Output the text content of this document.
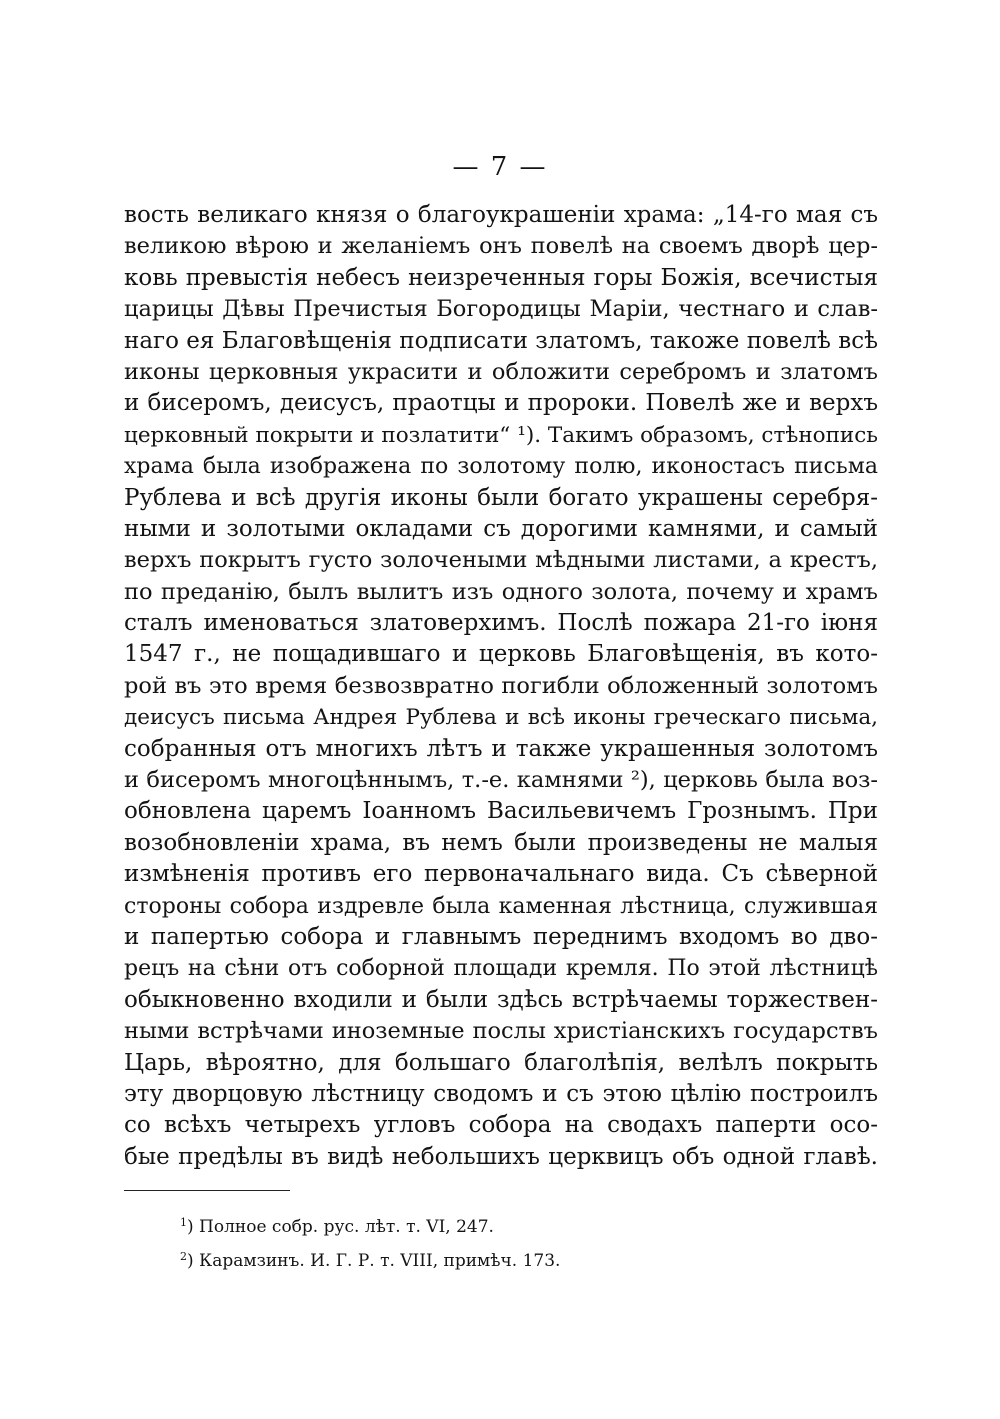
— 7 —
вость великаго князя о благоукрашеніи храма: „14-го мая съ
великою вѣрою и желаніемъ онъ повелѣ на своемъ дворѣ цер-
ковь превыстія небесъ неизреченныя горы Божія, всечистыя
царицы Дѣвы Пречистыя Богородицы Маріи, честнаго и слав-
наго ея Благовѣщенія подписати златомъ, такоже повелѣ вcѣ
иконы церковныя украсити и обложити серебромъ и златомъ
и бисеромъ, деисусъ, праотцы и пророки. Повелѣ же и верхъ
церковный покрыти и позлатити“ ¹). Такимъ образомъ, стѣнопись
храма была изображена по золотому полю, иконостасъ письма
Рублева и всѣ другія иконы были богато украшены серебря-
ными и золотыми окладами съ дорогими камнями, и самый
верхъ покрытъ густо золочеными мѣдными листами, а крестъ,
по преданію, былъ вылитъ изъ одного золота, почему и храмъ
сталъ именоваться златоверхимъ. Послѣ пожара 21-го іюня
1547 г., не пощадившаго и церковь Благовѣщенія, въ кото-
рой въ это время безвозвратно погибли обложенный золотомъ
деисусъ письма Андрея Рублева и всѣ иконы греческаго письма,
собранныя отъ многихъ лѣтъ и также украшенныя золотомъ
и бисеромъ многоцѣннымъ, т.-е. камнями ²), церковь была воз-
обновлена царемъ Іоанномъ Васильевичемъ Грознымъ. При
возобновленіи храма, въ немъ были произведены не малыя
измѣненія противъ его первоначальнаго вида. Съ сѣверной
стороны собора издревле была каменная лѣстница, служившая
и папертью собора и главнымъ переднимъ входомъ во дво-
рецъ на сѣни отъ соборной площади кремля. По этой лѣстницѣ
обыкновенно входили и были здѣсь встрѣчаемы торжествен-
ными встрѣчами иноземные послы христіанскихъ государствъ
Царь, вѣроятно, для большаго благолѣпія, велѣлъ покрыть
эту дворцовую лѣстницу сводомъ и съ этою цѣлію построилъ
со всѣхъ четырехъ угловъ собора на сводахъ паперти осо-
бые предѣлы въ видѣ небольшихъ церквицъ объ одной главѣ.
$^1$) Полное собр. рус. лѣт. т. VI, 247.
$^2$) Карамзинъ. И. Г. Р. т. VIII, примѣч. 173.
